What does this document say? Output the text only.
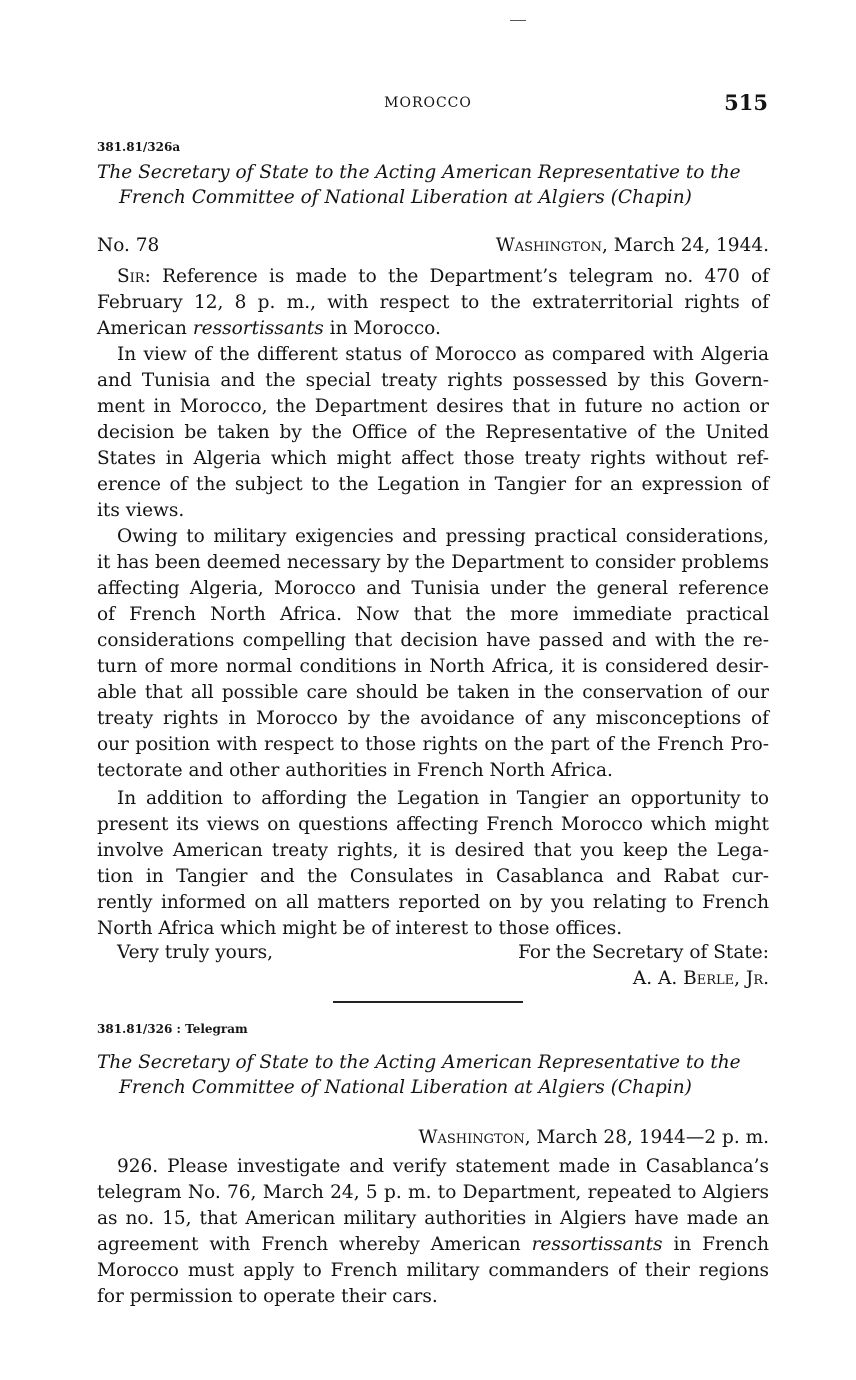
MOROCCO	515
381.81/326a
The Secretary of State to the Acting American Representative to the
French Committee of National Liberation at Algiers (Chapin)
No. 78	Washington, March 24, 1944.
Sir: Reference is made to the Department’s telegram no. 470 of
February 12, 8 p. m., with respect to the extraterritorial rights of
American ressortissants in Morocco.
In view of the different status of Morocco as compared with Algeria
and Tunisia and the special treaty rights possessed by this Govern-
ment in Morocco, the Department desires that in future no action or
decision be taken by the Office of the Representative of the United
States in Algeria which might affect those treaty rights without ref-
erence of the subject to the Legation in Tangier for an expression of
its views.
Owing to military exigencies and pressing practical considerations,
it has been deemed necessary by the Department to consider problems
affecting Algeria, Morocco and Tunisia under the general reference
of French North Africa. Now that the more immediate practical
considerations compelling that decision have passed and with the re-
turn of more normal conditions in North Africa, it is considered desir-
able that all possible care should be taken in the conservation of our
treaty rights in Morocco by the avoidance of any misconceptions of
our position with respect to those rights on the part of the French Pro-
tectorate and other authorities in French North Africa.
In addition to affording the Legation in Tangier an opportunity to
present its views on questions affecting French Morocco which might
involve American treaty rights, it is desired that you keep the Lega-
tion in Tangier and the Consulates in Casablanca and Rabat cur-
rently informed on all matters reported on by you relating to French
North Africa which might be of interest to those offices.
Very truly yours,	For the Secretary of State:
A. A. Berle, Jr.
381.81/326 : Telegram
The Secretary of State to the Acting American Representative to the
French Committee of National Liberation at Algiers (Chapin)
Washington, March 28, 1944—2 p. m.
926. Please investigate and verify statement made in Casablanca’s
telegram No. 76, March 24, 5 p. m. to Department, repeated to Algiers
as no. 15, that American military authorities in Algiers have made an
agreement with French whereby American ressortissants in French
Morocco must apply to French military commanders of their regions
for permission to operate their cars.
